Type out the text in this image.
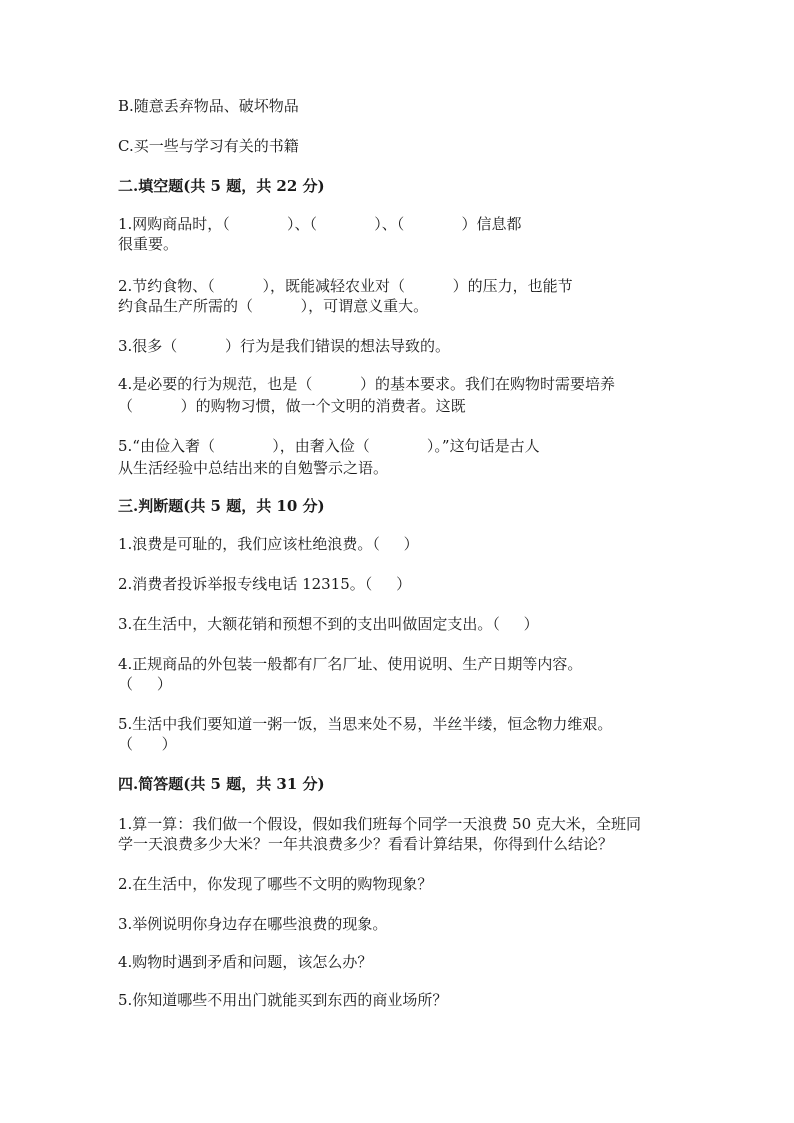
B.随意丢弃物品、破坏物品
C.买一些与学习有关的书籍
二.填空题(共 5 题，共 22 分)
1.网购商品时，（            ）、（            ）、（            ）信息都
很重要。
2.节约食物、（          ），既能减轻农业对（          ）的压力，也能节
约食品生产所需的（          ），可谓意义重大。
3.很多（          ）行为是我们错误的想法导致的。
4.是必要的行为规范，也是（          ）的基本要求。我们在购物时需要培养
（          ）的购物习惯，做一个文明的消费者。这既
5.“由俭入奢（            ），由奢入俭（            ）。”这句话是古人
从生活经验中总结出来的自勉警示之语。
三.判断题(共 5 题，共 10 分)
1.浪费是可耻的，我们应该杜绝浪费。（     ）
2.消费者投诉举报专线电话 12315。（     ）
3.在生活中，大额花销和预想不到的支出叫做固定支出。（     ）
4.正规商品的外包装一般都有厂名厂址、使用说明、生产日期等内容。
（     ）
5.生活中我们要知道一粥一饭，当思来处不易，半丝半缕，恒念物力维艰。
（      ）
四.简答题(共 5 题，共 31 分)
1.算一算：我们做一个假设，假如我们班每个同学一天浪费 50 克大米，全班同
学一天浪费多少大米？一年共浪费多少？看看计算结果，你得到什么结论？
2.在生活中，你发现了哪些不文明的购物现象？
3.举例说明你身边存在哪些浪费的现象。
4.购物时遇到矛盾和问题，该怎么办？
5.你知道哪些不用出门就能买到东西的商业场所？
